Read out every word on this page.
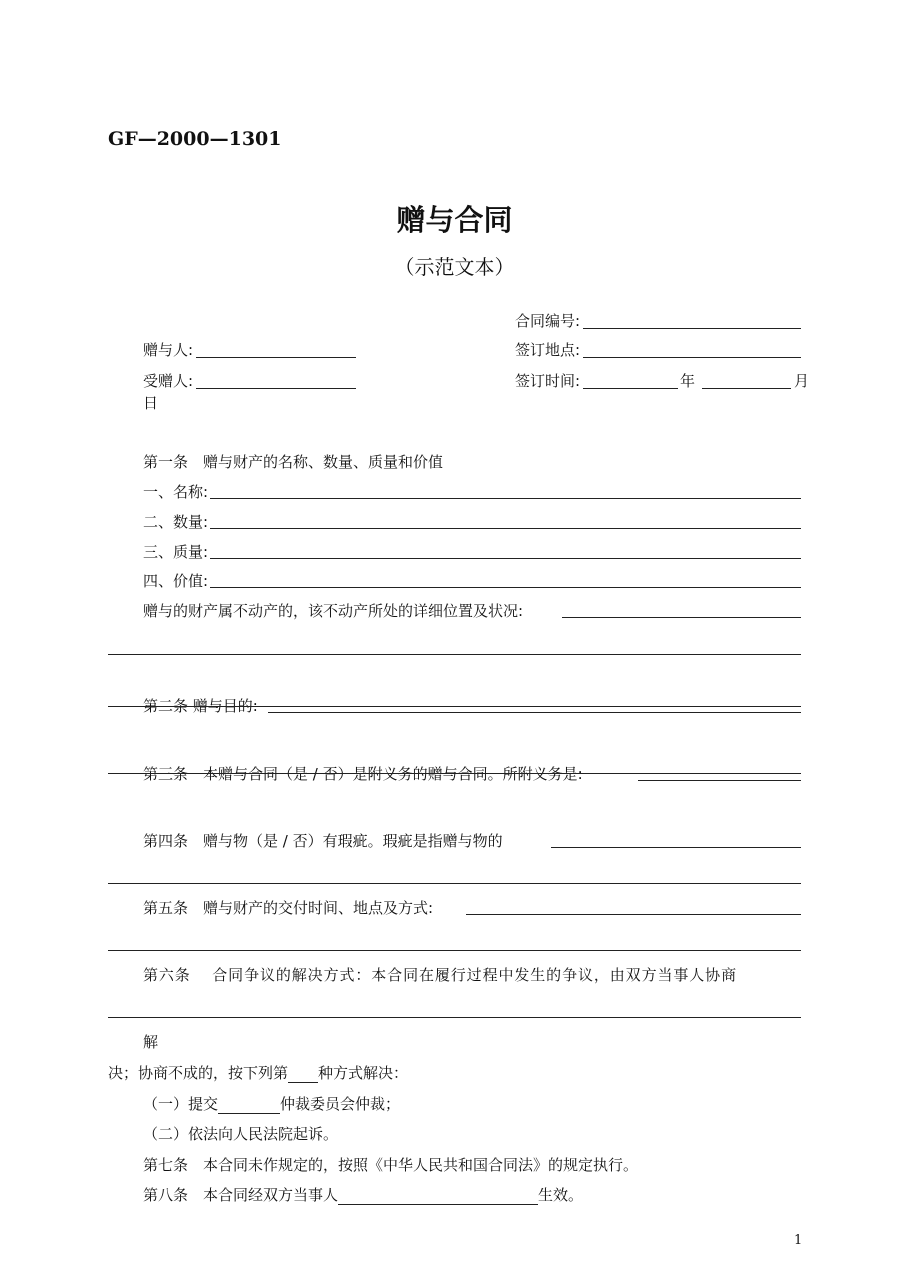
GF—2000—1301
赠与合同
（示范文本）
合同编号:
赠与人:	签订地点:
受赠人:	签订时间:	年	月
日
第一条　赠与财产的名称、数量、质量和价值
一、名称:
二、数量:
三、质量:
四、价值:
赠与的财产属不动产的，该不动产所处的详细位置及状况:
第二条 赠与目的:
第三条　本赠与合同（是 / 否）是附义务的赠与合同。所附义务是:
第四条　赠与物（是 / 否）有瑕疵。瑕疵是指赠与物的
第五条　赠与财产的交付时间、地点及方式:
第六条　 合同争议的解决方式：本合同在履行过程中发生的争议，由双方当事人协商
解
决；协商不成的，按下列第 种方式解决：
（一）提交	仲裁委员会仲裁；
（二）依法向人民法院起诉。
第七条　本合同未作规定的，按照《中华人民共和国合同法》的规定执行。
第八条　本合同经双方当事人	生效。
1
